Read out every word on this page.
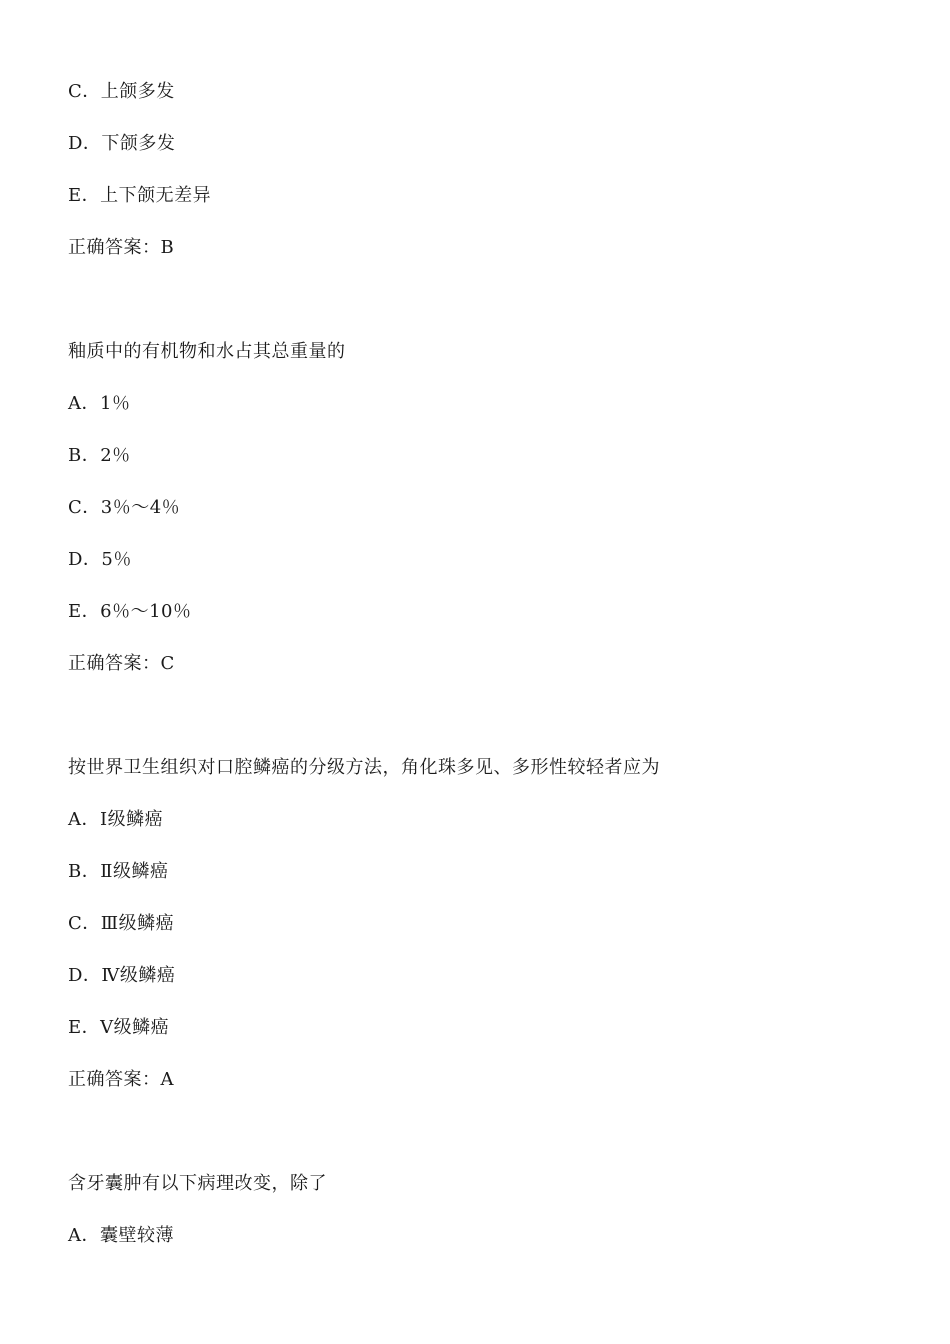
C．上颌多发
D．下颌多发
E．上下颌无差异
正确答案：B
釉质中的有机物和水占其总重量的
A．1％
B．2％
C．3％～4％
D．5％
E．6％～10％
正确答案：C
按世界卫生组织对口腔鳞癌的分级方法，角化珠多见、多形性较轻者应为
A．Ⅰ级鳞癌
B．Ⅱ级鳞癌
C．Ⅲ级鳞癌
D．Ⅳ级鳞癌
E．Ⅴ级鳞癌
正确答案：A
含牙囊肿有以下病理改变，除了
A．囊壁较薄
